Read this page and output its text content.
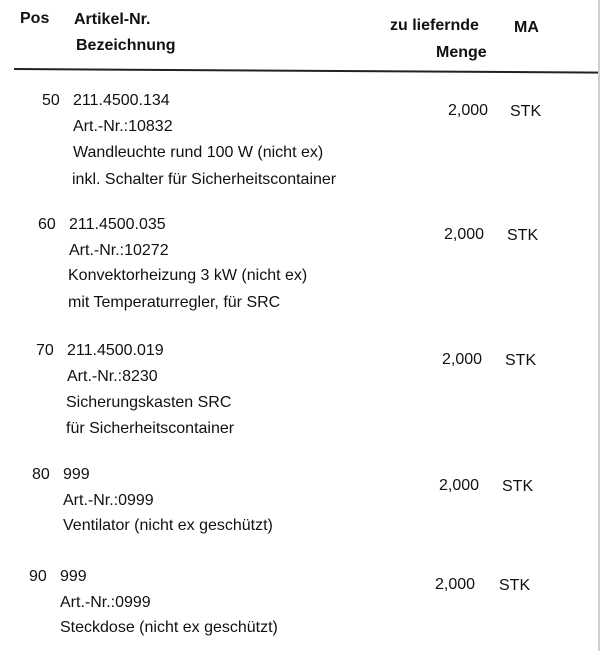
Pos Artikel-Nr.
Bezeichnung
zu liefernde
Menge
MA
50 211.4500.134
Art.-Nr.:10832
Wandleuchte rund 100 W (nicht ex)
inkl. Schalter für Sicherheitscontainer
2,000 STK
60 211.4500.035
Art.-Nr.:10272
Konvektorheizung 3 kW (nicht ex)
mit Temperaturregler, für SRC
2,000 STK
70 211.4500.019
Art.-Nr.:8230
Sicherungskasten SRC
für Sicherheitscontainer
2,000 STK
80 999
Art.-Nr.:0999
Ventilator (nicht ex geschützt)
2,000 STK
90 999
Art.-Nr.:0999
Steckdose (nicht ex geschützt)
2,000 STK
